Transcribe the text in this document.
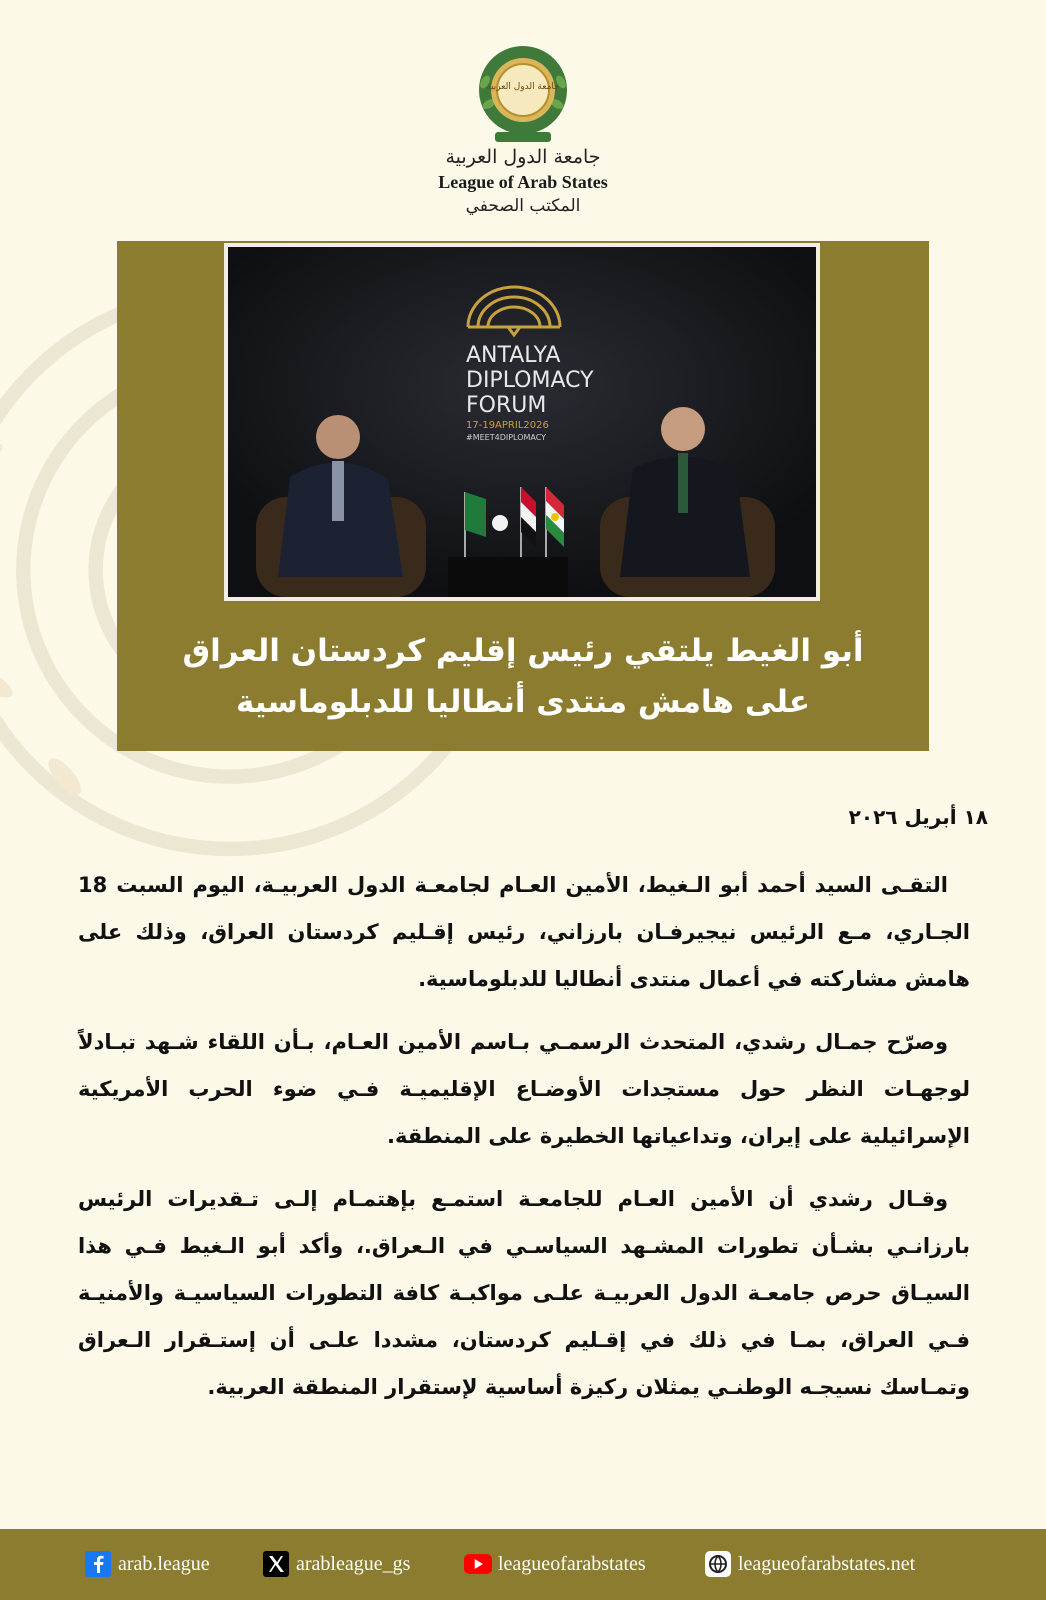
جامعة الدول العربية
جامعة الدول العربية
League of Arab States
المكتب الصحفي
ANTALYA
DIPLOMACY
FORUM
17-19APRIL2026
#MEET4DIPLOMACY
أبو الغيط يلتقي رئيس إقليم كردستان العراق
على هامش منتدى أنطاليا للدبلوماسية
١٨ أبريل ٢٠٢٦

التقـى السيد أحمد أبو الـغيط، الأمين العـام لجامعـة الدول العربيـة، اليوم السبت 18 الجـاري، مـع الرئيس نيجيرفـان بارزاني، رئيس إقـليم كردستان العراق، وذلك على هامش مشاركته في أعمال منتدى أنطاليا للدبلوماسية.

وصرّح جمـال رشدي، المتحدث الرسمـي بـاسم الأمين العـام، بـأن اللقاء شـهد تبـادلاً لوجهـات النظر حول مستجدات الأوضـاع الإقليميـة فـي ضوء الحرب الأمريكية الإسرائيلية على إيران، وتداعياتها الخطيرة على المنطقة.

وقـال رشدي أن الأمين العـام للجامعـة استمـع بإهتمـام إلـى تـقديرات الرئيس بارزانـي بشـأن تطورات المشـهد السياسـي في الـعراق.، وأكد أبو الـغيط فـي هذا السيـاق حرص جامعـة الدول العربيـة علـى مواكبـة كافة التطورات السياسيـة والأمنيـة فـي العراق، بمـا في ذلك في إقـليم كردستان، مشددا علـى أن إستـقرار الـعراق وتمـاسك نسيجـه الوطنـي يمثلان ركيزة أساسية لإستقرار المنطقة العربية.

arab.league	arableague_gs	leagueofarabstates	leagueofarabstates.net
